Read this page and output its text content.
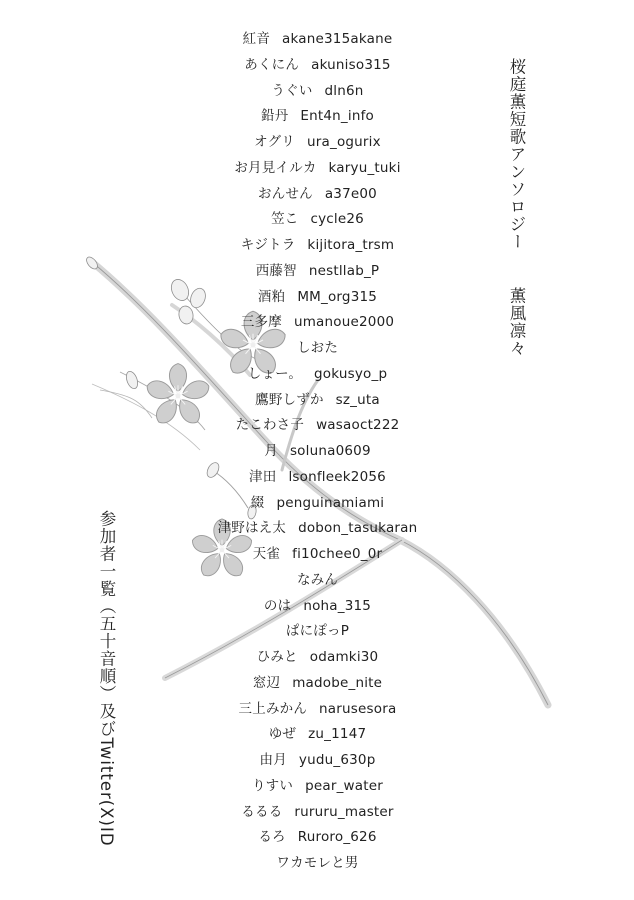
紅音 akane315akane
あくにん akuniso315
うぐい dln6n
鉛丹 Ent4n_info
オグリ ura_ogurix
お月見イルカ karyu_tuki
おんせん a37e00
笠こ cycle26
キジトラ kijitora_trsm
西藤智 nestllab_P
酒粕 MM_org315
三多摩 umanoue2000
しおた
しょー。 gokusyo_p
鷹野しずか sz_uta
たこわさ子 wasaoct222
月 soluna0609
津田 lsonfleek2056
綴 penguinamiami
津野はえ太 dobon_tasukaran
天雀 fi10chee0_0r
なみん
のは noha_315
ぱにぽっP
ひみと odamki30
窓辺 madobe_nite
三上みかん narusesora
ゆぜ zu_1147
由月 yudu_630p
りすい pear_water
るるる rururu_master
るろ Ruroro_626
ワカモレと男
桜庭薫短歌アンソロジー
薫風凛々
参加者一覧（五十音順）及びTwitter(X)ID
